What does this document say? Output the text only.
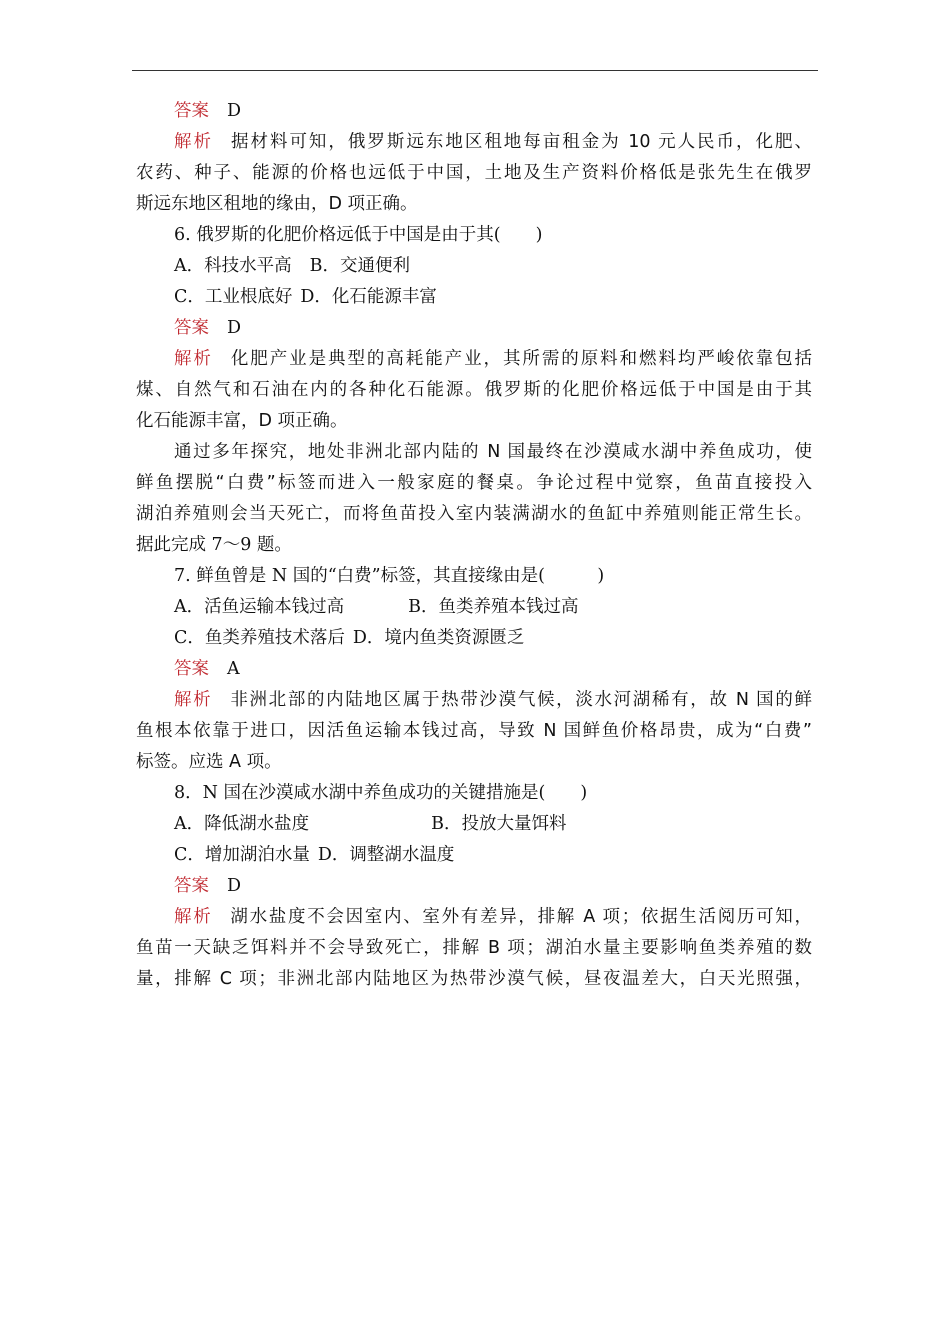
答案 D
解析 据材料可知，俄罗斯远东地区租地每亩租金为 10 元人民币，化肥、
农药、种子、能源的价格也远低于中国，土地及生产资料价格低是张先生在俄罗
斯远东地区租地的缘由，D 项正确。
6. 俄罗斯的化肥价格远低于中国是由于其(　　)
A．科技水平高 B．交通便利
C．工业根底好 D．化石能源丰富
答案 D
解析 化肥产业是典型的高耗能产业，其所需的原料和燃料均严峻依靠包括
煤、自然气和石油在内的各种化石能源。俄罗斯的化肥价格远低于中国是由于其
化石能源丰富，D 项正确。
通过多年探究，地处非洲北部内陆的 N 国最终在沙漠咸水湖中养鱼成功，使
鲜鱼摆脱“白费”标签而进入一般家庭的餐桌。争论过程中觉察，鱼苗直接投入
湖泊养殖则会当天死亡，而将鱼苗投入室内装满湖水的鱼缸中养殖则能正常生长。
据此完成 7～9 题。
7. 鲜鱼曾是 N 国的“白费”标签，其直接缘由是(　　　)
A．活鱼运输本钱过高	B．鱼类养殖本钱过高
C．鱼类养殖技术落后 D．境内鱼类资源匮乏
答案 A
解析 非洲北部的内陆地区属于热带沙漠气候，淡水河湖稀有，故 N 国的鲜
鱼根本依靠于进口，因活鱼运输本钱过高，导致 N 国鲜鱼价格昂贵，成为“白费”
标签。应选 A 项。
8．N 国在沙漠咸水湖中养鱼成功的关键措施是(　　)
A．降低湖水盐度	B．投放大量饵料
C．增加湖泊水量 D．调整湖水温度
答案 D
解析 湖水盐度不会因室内、室外有差异，排解 A 项；依据生活阅历可知，
鱼苗一天缺乏饵料并不会导致死亡，排解 B 项；湖泊水量主要影响鱼类养殖的数
量，排解 C 项；非洲北部内陆地区为热带沙漠气候，昼夜温差大，白天光照强，
